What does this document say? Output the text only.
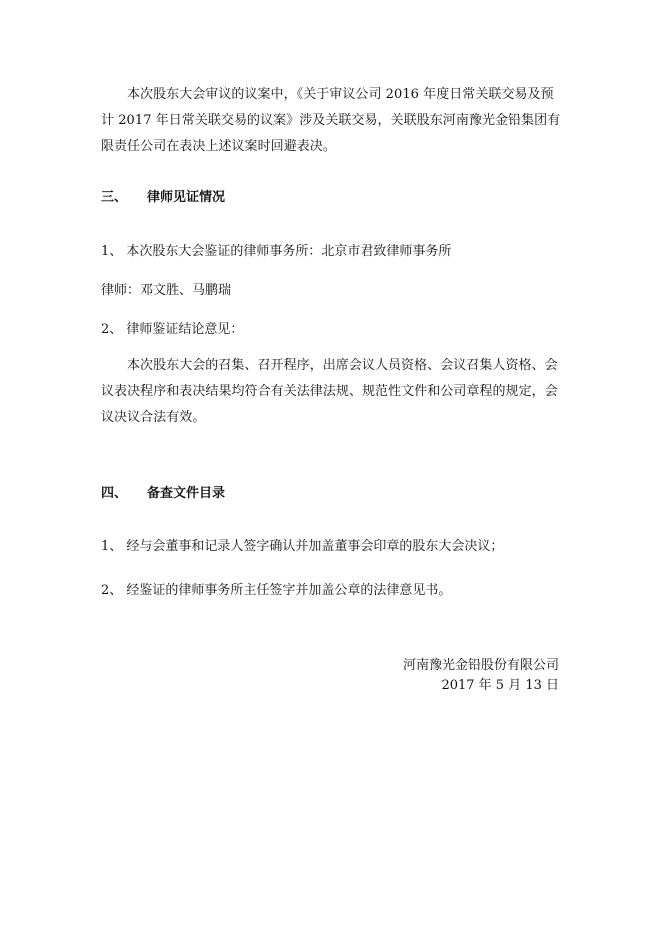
本次股东大会审议的议案中，《关于审议公司 2016 年度日常关联交易及预计 2017 年日常关联交易的议案》涉及关联交易，关联股东河南豫光金铅集团有限责任公司在表决上述议案时回避表决。

三、	律师见证情况
1、 本次股东大会鉴证的律师事务所：北京市君致律师事务所
律师：邓文胜、马鹏瑞
2、 律师鉴证结论意见：

本次股东大会的召集、召开程序，出席会议人员资格、会议召集人资格、会议表决程序和表决结果均符合有关法律法规、规范性文件和公司章程的规定，会议决议合法有效。

四、	备查文件目录
1、 经与会董事和记录人签字确认并加盖董事会印章的股东大会决议；
2、 经鉴证的律师事务所主任签字并加盖公章的法律意见书。
河南豫光金铅股份有限公司
2017 年 5 月 13 日
